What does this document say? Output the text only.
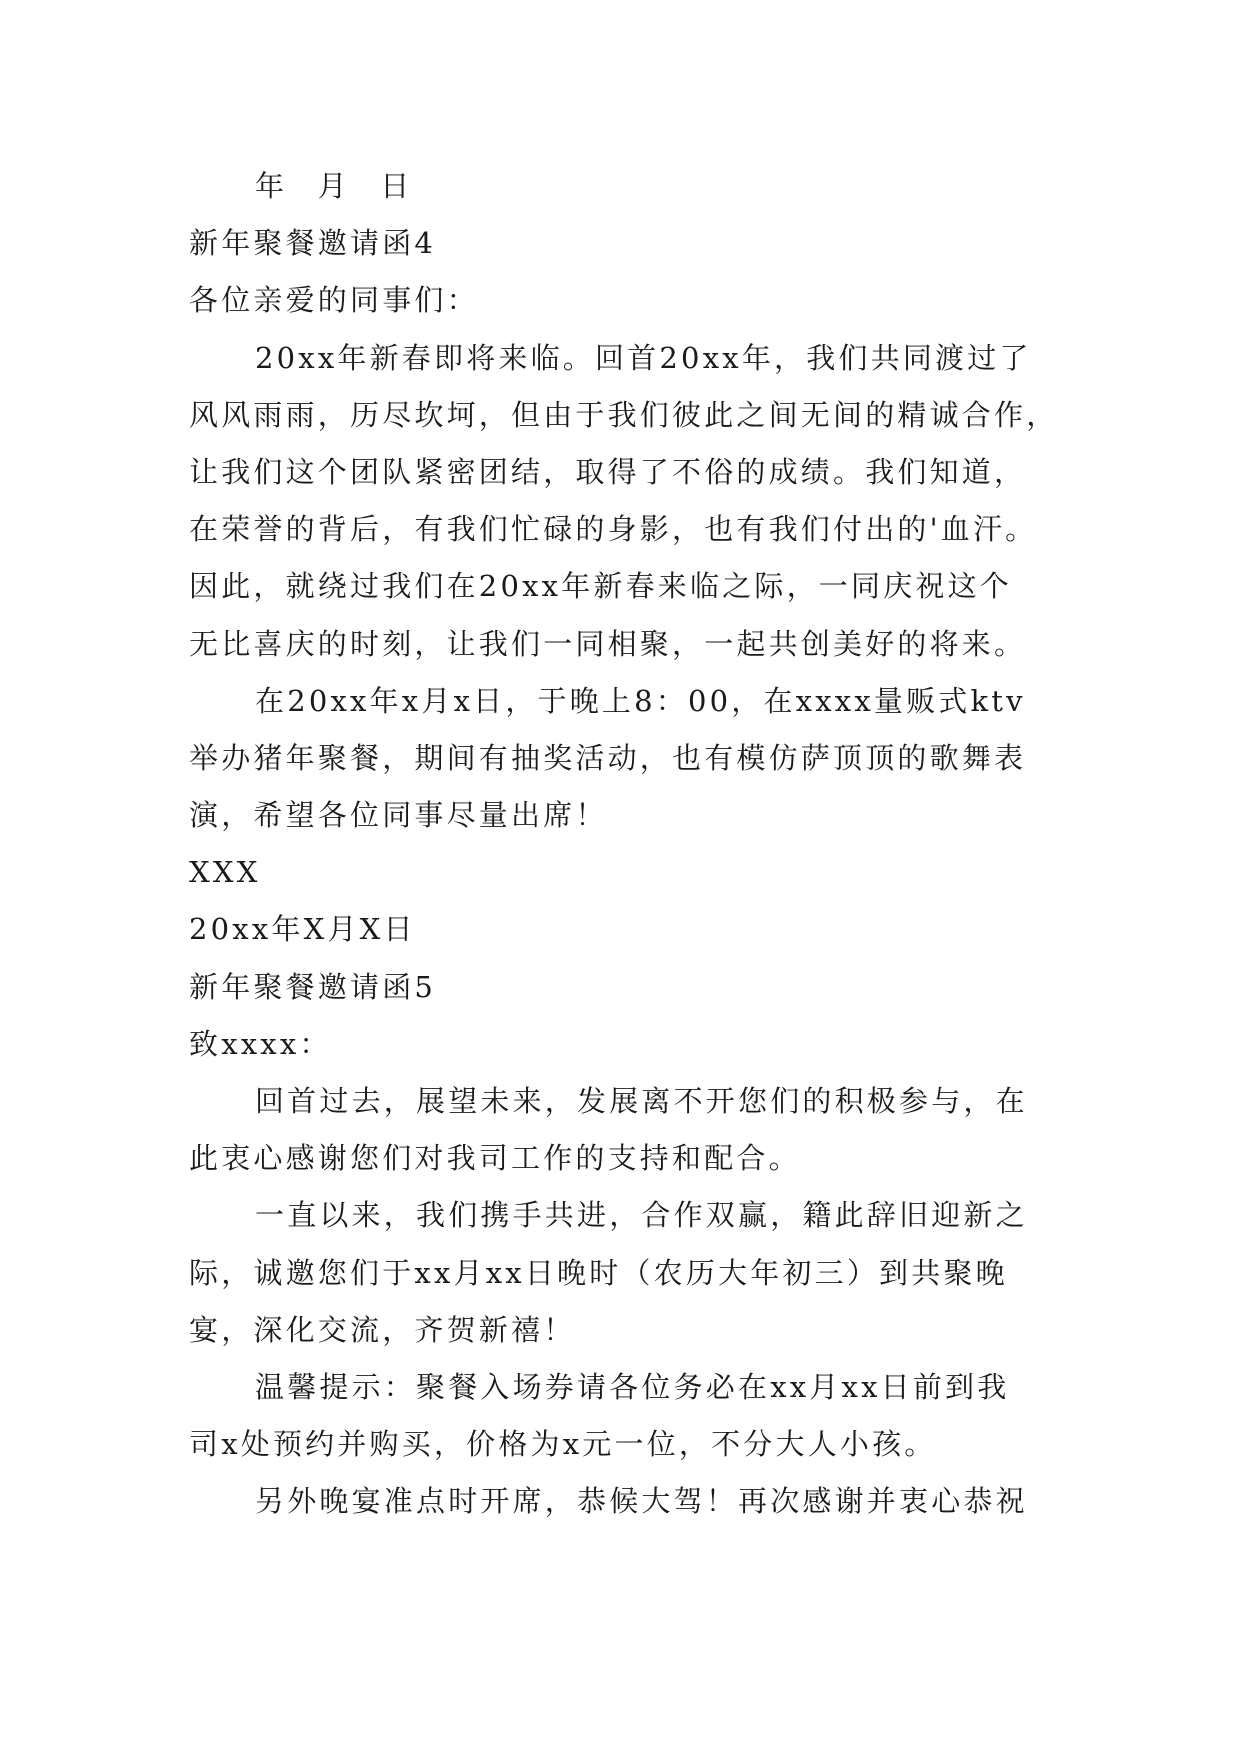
年 月 日
新年聚餐邀请函4
各位亲爱的同事们：
20xx年新春即将来临。回首20xx年，我们共同渡过了
风风雨雨，历尽坎坷，但由于我们彼此之间无间的精诚合作，
让我们这个团队紧密团结，取得了不俗的成绩。我们知道，
在荣誉的背后，有我们忙碌的身影，也有我们付出的'血汗。
因此，就绕过我们在20xx年新春来临之际，一同庆祝这个
无比喜庆的时刻，让我们一同相聚，一起共创美好的将来。
在20xx年x月x日，于晚上8：00，在xxxx量贩式ktv
举办猪年聚餐，期间有抽奖活动，也有模仿萨顶顶的歌舞表
演，希望各位同事尽量出席！
XXX
20xx年X月X日
新年聚餐邀请函5
致xxxx：
回首过去，展望未来，发展离不开您们的积极参与，在
此衷心感谢您们对我司工作的支持和配合。
一直以来，我们携手共进，合作双赢，籍此辞旧迎新之
际，诚邀您们于xx月xx日晚时（农历大年初三）到共聚晚
宴，深化交流，齐贺新禧！
温馨提示：聚餐入场券请各位务必在xx月xx日前到我
司x处预约并购买，价格为x元一位，不分大人小孩。
另外晚宴准点时开席，恭候大驾！再次感谢并衷心恭祝
